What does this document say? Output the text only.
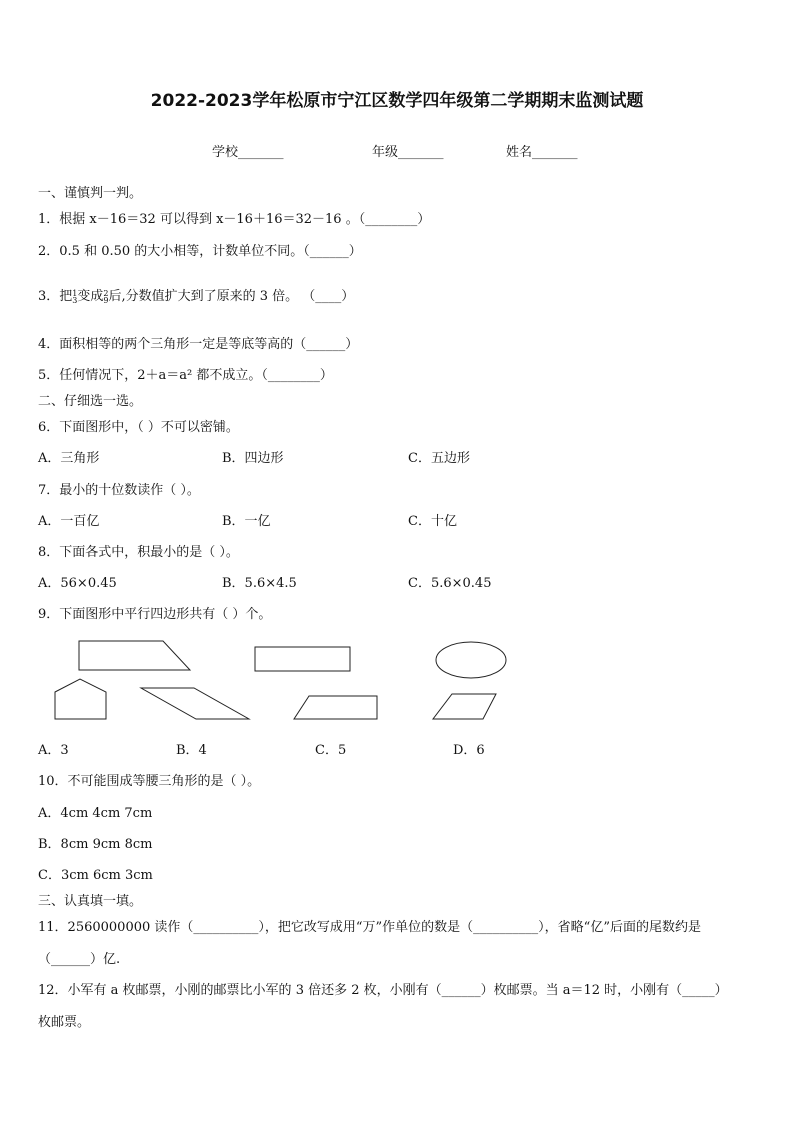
2022-2023学年松原市宁江区数学四年级第二学期期末监测试题
学校_______	年级_______	姓名_______
一、谨慎判一判。
1．根据 x－16＝32 可以得到 x－16＋16＝32－16 。（________）
2．0.5 和 0.50 的大小相等，计数单位不同。（______）
3．把 1
3 变成 2
9 后,分数值扩大到了原来的 3 倍。 （____）
4．面积相等的两个三角形一定是等底等高的（______）
5．任何情况下，2＋a＝a² 都不成立。（________）
二、仔细选一选。
6．下面图形中，（ ）不可以密铺。
A．三角形	B．四边形	C．五边形
7．最小的十位数读作（ ）。
A．一百亿	B．一亿	C．十亿
8．下面各式中，积最小的是（ ）。
A．56×0.45	B．5.6×4.5	C．5.6×0.45
9．下面图形中平行四边形共有（ ）个。
A．3	B．4	C．5	D．6
10．不可能围成等腰三角形的是（ ）。
A．4cm 4cm 7cm
B．8cm 9cm 8cm
C．3cm 6cm 3cm
三、认真填一填。
11．2560000000 读作（__________），把它改写成用“万”作单位的数是（__________），省略“亿”后面的尾数约是
（______）亿.
12．小军有 a 枚邮票，小刚的邮票比小军的 3 倍还多 2 枚，小刚有（______）枚邮票。当 a＝12 时，小刚有（_____）
枚邮票。
